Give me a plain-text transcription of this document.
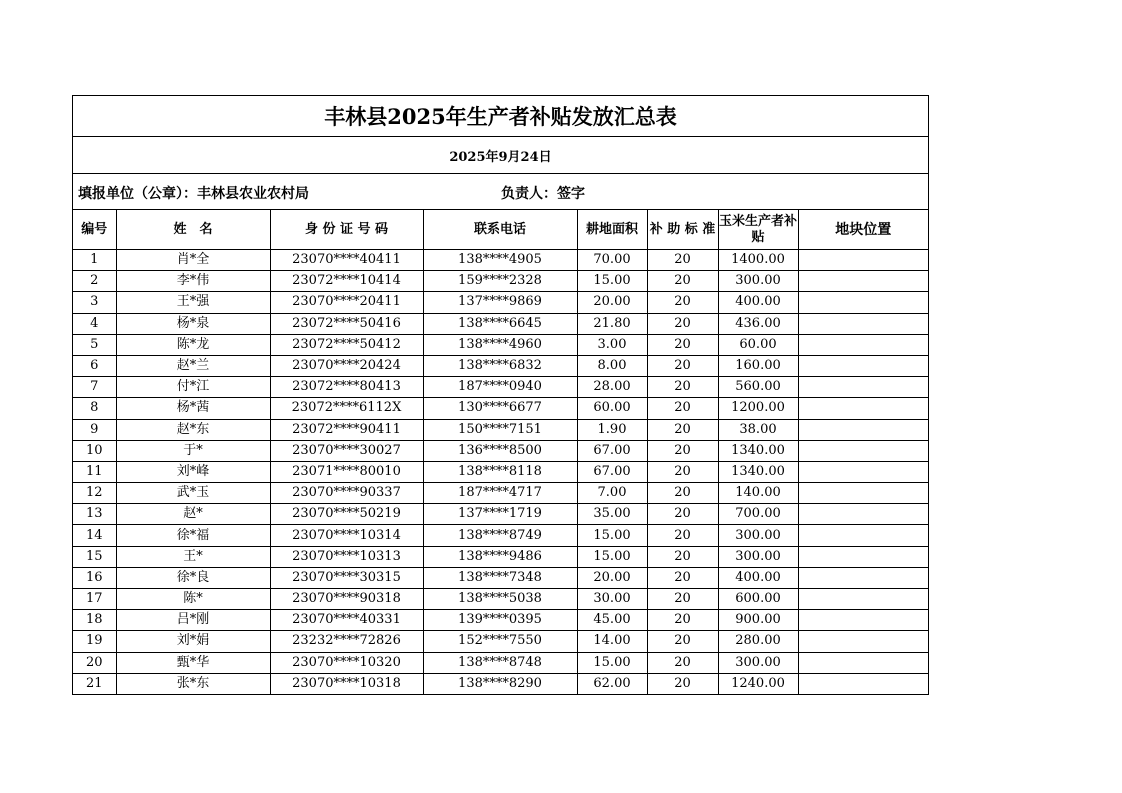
丰林县2025年生产者补贴发放汇总表
2025年9月24日
填报单位（公章）：丰林县农业农村局	负责人：签字
编号	姓　名	身 份 证 号 码	联系电话	耕地面积	补 助 标 准	玉米生产者补贴	地块位置
1	肖*全	23070****40411	138****4905	70.00	20	1400.00	
2	李*伟	23072****10414	159****2328	15.00	20	300.00	
3	王*强	23070****20411	137****9869	20.00	20	400.00	
4	杨*泉	23072****50416	138****6645	21.80	20	436.00	
5	陈*龙	23072****50412	138****4960	3.00	20	60.00	
6	赵*兰	23070****20424	138****6832	8.00	20	160.00	
7	付*江	23072****80413	187****0940	28.00	20	560.00	
8	杨*茜	23072****6112X	130****6677	60.00	20	1200.00	
9	赵*东	23072****90411	150****7151	1.90	20	38.00	
10	于*	23070****30027	136****8500	67.00	20	1340.00	
11	刘*峰	23071****80010	138****8118	67.00	20	1340.00	
12	武*玉	23070****90337	187****4717	7.00	20	140.00	
13	赵*	23070****50219	137****1719	35.00	20	700.00	
14	徐*福	23070****10314	138****8749	15.00	20	300.00	
15	王*	23070****10313	138****9486	15.00	20	300.00	
16	徐*良	23070****30315	138****7348	20.00	20	400.00	
17	陈*	23070****90318	138****5038	30.00	20	600.00	
18	吕*刚	23070****40331	139****0395	45.00	20	900.00	
19	刘*娟	23232****72826	152****7550	14.00	20	280.00	
20	甄*华	23070****10320	138****8748	15.00	20	300.00	
21	张*东	23070****10318	138****8290	62.00	20	1240.00	
